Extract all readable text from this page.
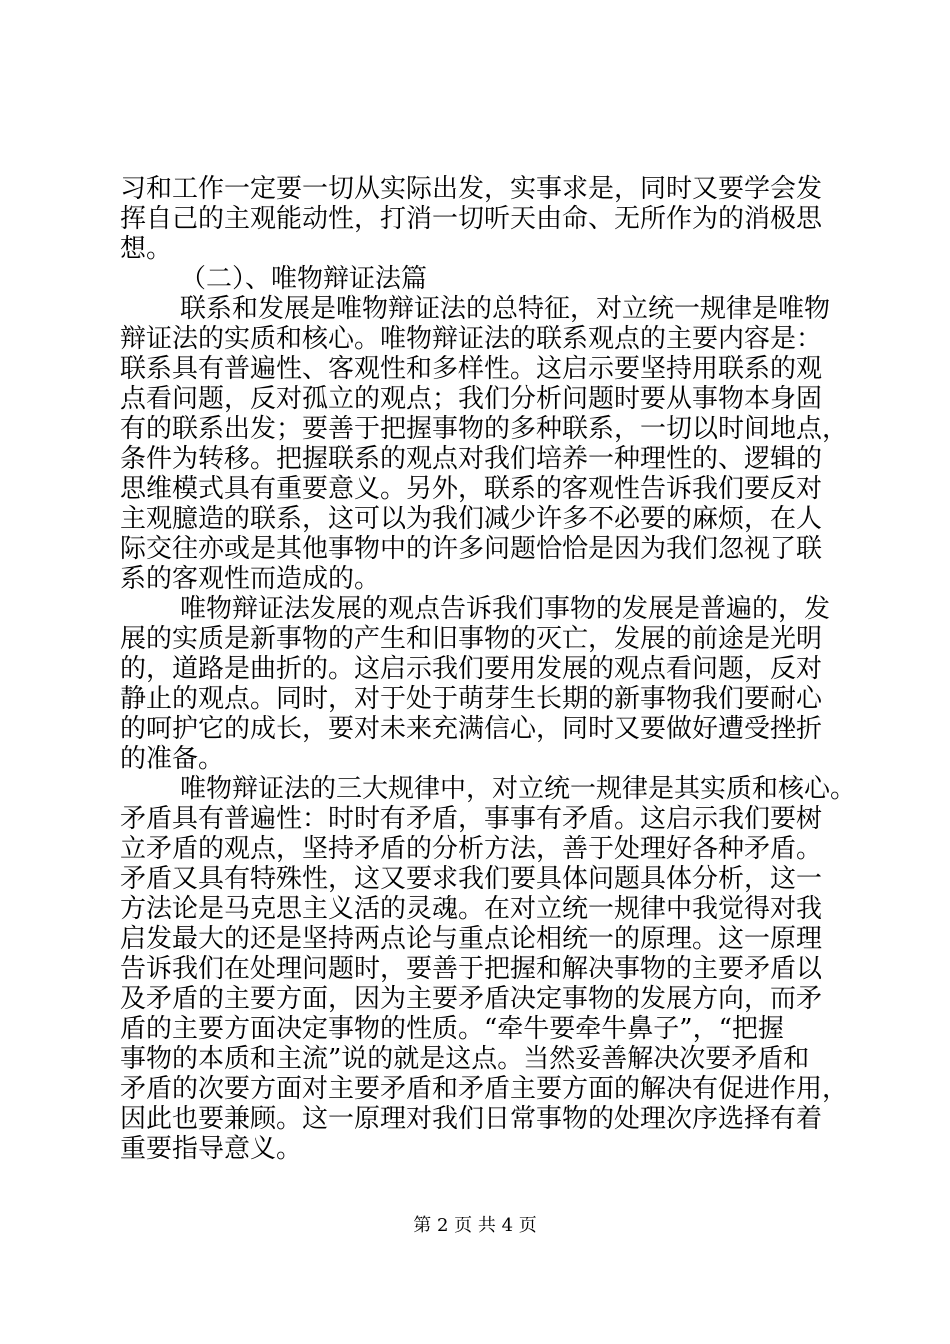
习和工作一定要一切从实际出发，实事求是，同时又要学会发
挥自己的主观能动性，打消一切听天由命、无所作为的消极思
想。
（二）、唯物辩证法篇
联系和发展是唯物辩证法的总特征，对立统一规律是唯物
辩证法的实质和核心。唯物辩证法的联系观点的主要内容是：
联系具有普遍性、客观性和多样性。这启示要坚持用联系的观
点看问题，反对孤立的观点；我们分析问题时要从事物本身固
有的联系出发；要善于把握事物的多种联系，一切以时间地点，
条件为转移。把握联系的观点对我们培养一种理性的、逻辑的
思维模式具有重要意义。另外，联系的客观性告诉我们要反对
主观臆造的联系，这可以为我们减少许多不必要的麻烦，在人
际交往亦或是其他事物中的许多问题恰恰是因为我们忽视了联
系的客观性而造成的。
唯物辩证法发展的观点告诉我们事物的发展是普遍的，发
展的实质是新事物的产生和旧事物的灭亡，发展的前途是光明
的，道路是曲折的。这启示我们要用发展的观点看问题，反对
静止的观点。同时，对于处于萌芽生长期的新事物我们要耐心
的呵护它的成长，要对未来充满信心，同时又要做好遭受挫折
的准备。
唯物辩证法的三大规律中，对立统一规律是其实质和核心。
矛盾具有普遍性：时时有矛盾，事事有矛盾。这启示我们要树
立矛盾的观点，坚持矛盾的分析方法，善于处理好各种矛盾。
矛盾又具有特殊性，这又要求我们要具体问题具体分析，这一
方法论是马克思主义活的灵魂。在对立统一规律中我觉得对我
启发最大的还是坚持两点论与重点论相统一的原理。这一原理
告诉我们在处理问题时，要善于把握和解决事物的主要矛盾以
及矛盾的主要方面，因为主要矛盾决定事物的发展方向，而矛
盾的主要方面决定事物的性质。“牵牛要牵牛鼻子”，“把握
事物的本质和主流”说的就是这点。当然妥善解决次要矛盾和
矛盾的次要方面对主要矛盾和矛盾主要方面的解决有促进作用，
因此也要兼顾。这一原理对我们日常事物的处理次序选择有着
重要指导意义。
第 2 页 共 4 页
